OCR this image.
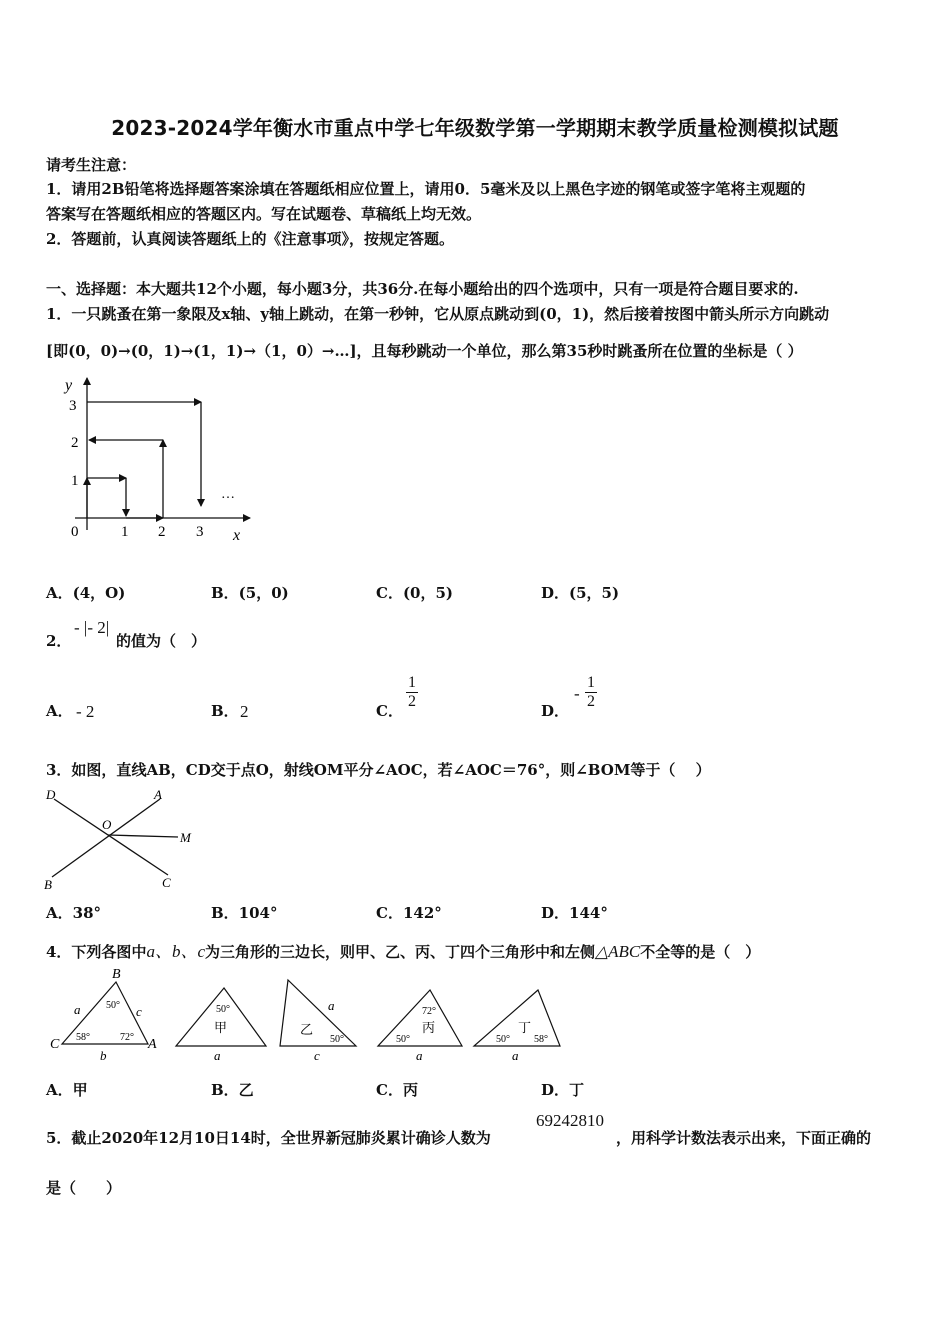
2023-2024学年衡水市重点中学七年级数学第一学期期末教学质量检测模拟试题
请考生注意：
1．请用2B铅笔将选择题答案涂填在答题纸相应位置上，请用0．5毫米及以上黑色字迹的钢笔或签字笔将主观题的
答案写在答题纸相应的答题区内。写在试题卷、草稿纸上均无效。
2．答题前，认真阅读答题纸上的《注意事项》，按规定答题。
一、选择题：本大题共12个小题，每小题3分，共36分.在每小题给出的四个选项中，只有一项是符合题目要求的.
1．一只跳蚤在第一象限及x轴、y轴上跳动，在第一秒钟，它从原点跳动到(0，1)，然后接着按图中箭头所示方向跳动
[即(0，0)→(0，1)→(1，1)→（1，0）→…]，且每秒跳动一个单位，那么第35秒时跳蚤所在位置的坐标是（ ）
…
y
x
0	1 2 3
1
2
3
A．(4，O)	B．(5，0)	C．(0，5)	D．(5，5)
2．
- |- 2|
的值为（　）
A． - 2	B． 2	C． $\frac{1}{2}$	D．
- $\frac{1}{2}$
3．如图，直线AB，CD交于点O，射线OM平分∠AOC，若∠AOC＝76°，则∠BOM等于（　 ）
D	A
O
M
B	C
A．38°	B．104°	C．142°	D．144°
4．下列各图中a、b、c为三角形的三边长，则甲、乙、丙、丁四个三角形中和左侧△ABC不全等的是（　）
B
C	A
a	c
b
50°
58°	72°
50°
甲
a
a
乙
50°
c
72°
丙
50°
a
丁
50° 58°
a
A．甲	B．乙	C．丙	D．丁
5．截止2020年12月10日14时，全世界新冠肺炎累计确诊人数为
69242810
，用科学计数法表示出来，下面正确的
是（　　）
